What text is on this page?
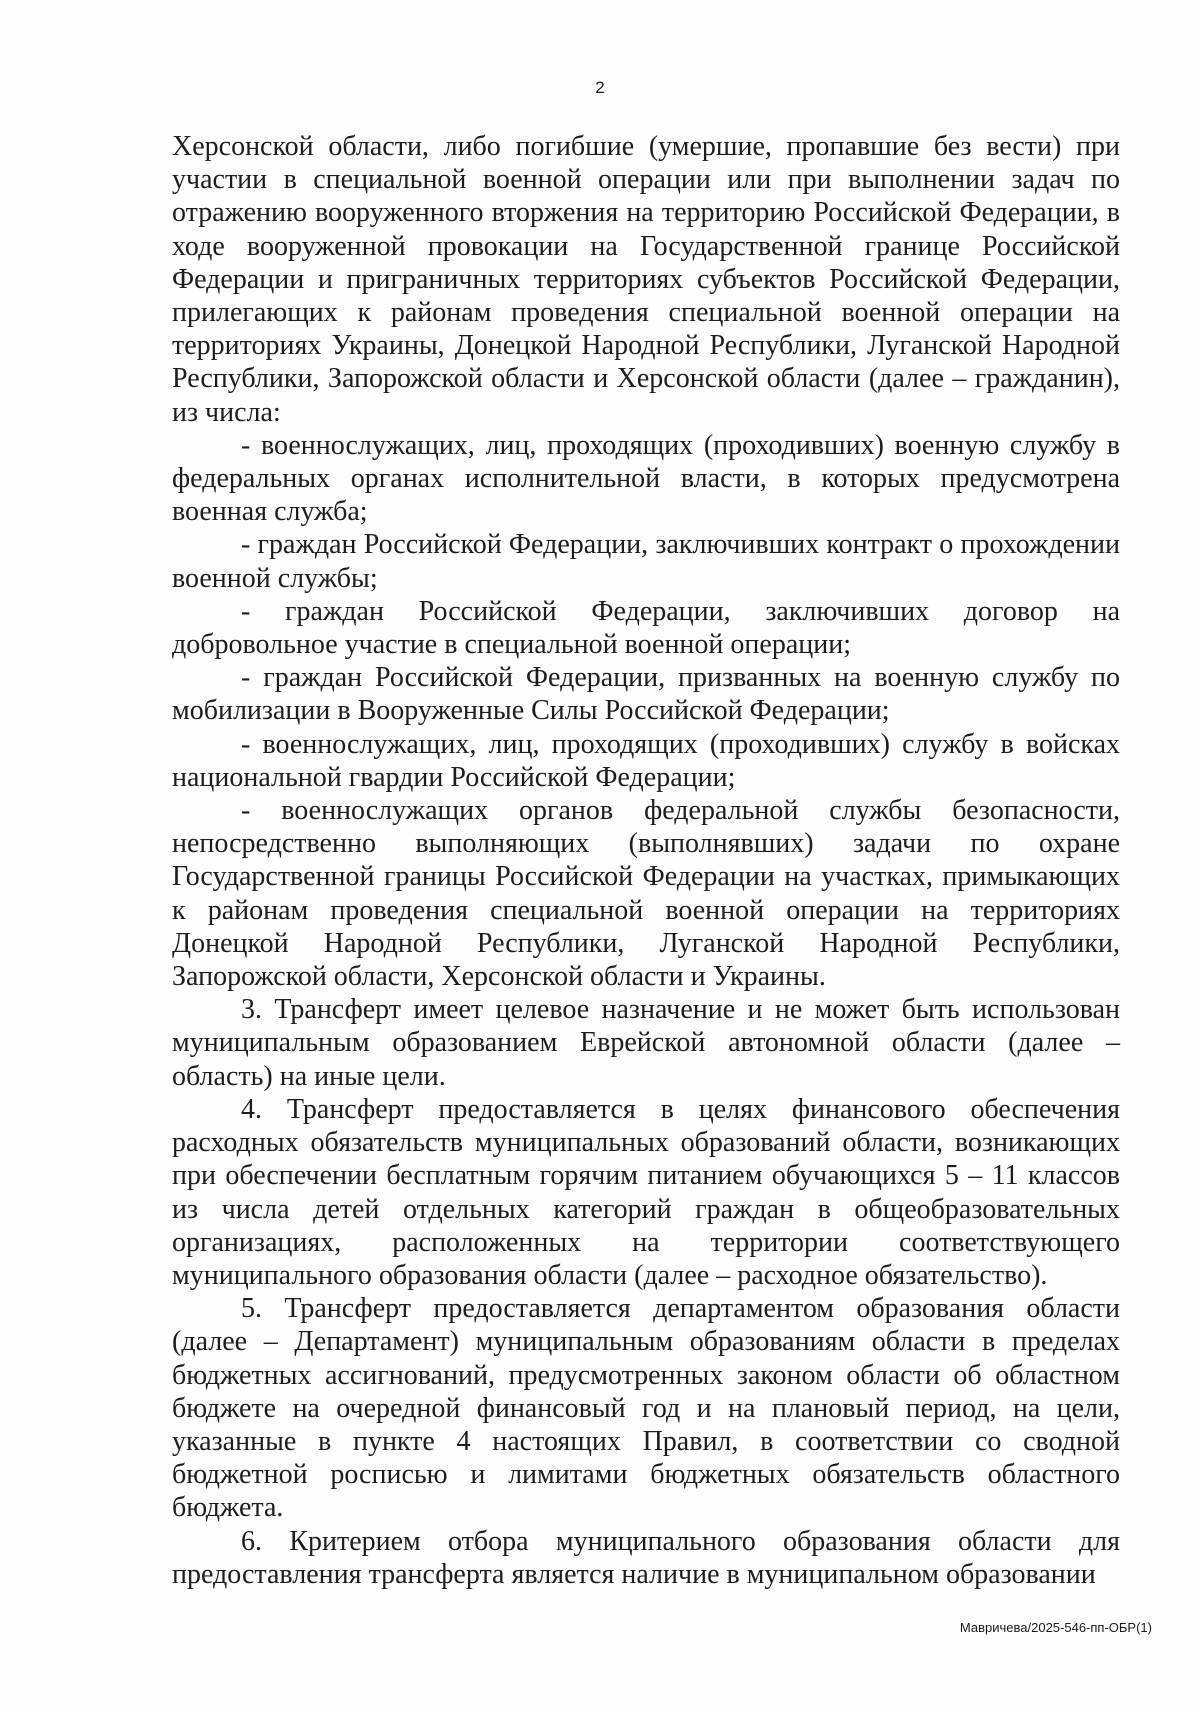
2

Херсонской области, либо погибшие (умершие, пропавшие без вести) при участии в специальной военной операции или при выполнении задач по отражению вооруженного вторжения на территорию Российской Федерации, в ходе вооруженной провокации на Государственной границе Российской Федерации и приграничных территориях субъектов Российской Федерации, прилегающих к районам проведения специальной военной операции на территориях Украины, Донецкой Народной Республики, Луганской Народной Республики, Запорожской области и Херсонской области (далее – гражданин), из числа:

- военнослужащих, лиц, проходящих (проходивших) военную службу в федеральных органах исполнительной власти, в которых предусмотрена военная служба;

- граждан Российской Федерации, заключивших контракт о прохождении военной службы;

- граждан Российской Федерации, заключивших договор на добровольное участие в специальной военной операции;

- граждан Российской Федерации, призванных на военную службу по мобилизации в Вооруженные Силы Российской Федерации;

- военнослужащих, лиц, проходящих (проходивших) службу в войсках национальной гвардии Российской Федерации;

- военнослужащих органов федеральной службы безопасности, непосредственно выполняющих (выполнявших) задачи по охране Государственной границы Российской Федерации на участках, примыкающих к районам проведения специальной военной операции на территориях Донецкой Народной Республики, Луганской Народной Республики, Запорожской области, Херсонской области и Украины.

3. Трансферт имеет целевое назначение и не может быть использован муниципальным образованием Еврейской автономной области (далее – область) на иные цели.

4. Трансферт предоставляется в целях финансового обеспечения расходных обязательств муниципальных образований области, возникающих при обеспечении бесплатным горячим питанием обучающихся 5 – 11 классов из числа детей отдельных категорий граждан в общеобразовательных организациях, расположенных на территории соответствующего муниципального образования области (далее – расходное обязательство).

5. Трансферт предоставляется департаментом образования области (далее – Департамент) муниципальным образованиям области в пределах бюджетных ассигнований, предусмотренных законом области об областном бюджете на очередной финансовый год и на плановый период, на цели, указанные в пункте 4 настоящих Правил, в соответствии со сводной бюджетной росписью и лимитами бюджетных обязательств областного бюджета.

6. Критерием отбора муниципального образования области для предоставления трансферта является наличие в муниципальном образовании

Мавричева/2025-546-пп-ОБР(1)
